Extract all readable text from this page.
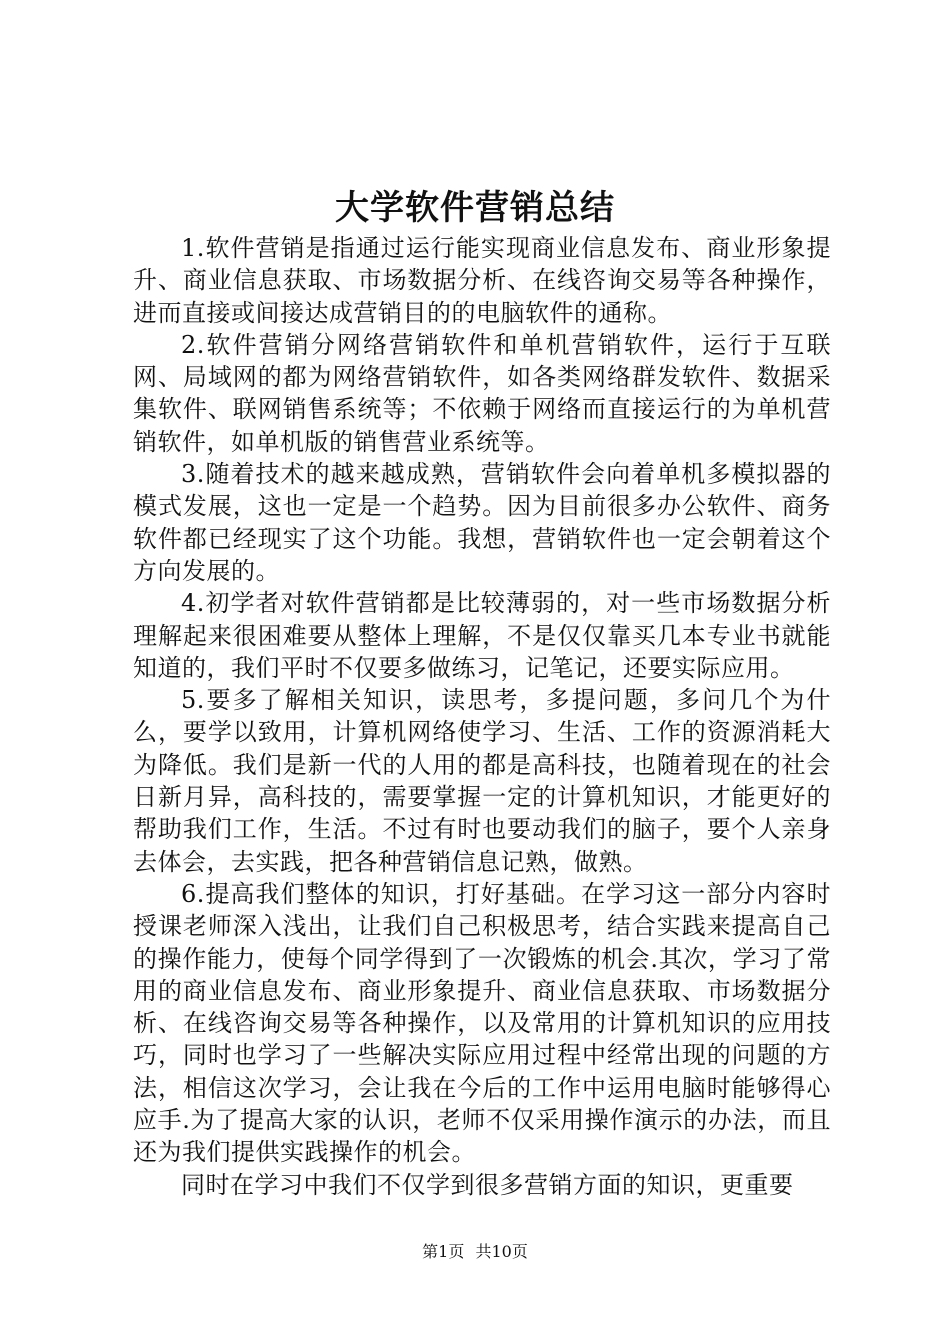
大学软件营销总结

1.软件营销是指通过运行能实现商业信息发布、商业形象提升、商业信息获取、市场数据分析、在线咨询交易等各种操作，进而直接或间接达成营销目的的电脑软件的通称。

2.软件营销分网络营销软件和单机营销软件，运行于互联网、局域网的都为网络营销软件，如各类网络群发软件、数据采集软件、联网销售系统等；不依赖于网络而直接运行的为单机营销软件，如单机版的销售营业系统等。

3.随着技术的越来越成熟，营销软件会向着单机多模拟器的模式发展，这也一定是一个趋势。因为目前很多办公软件、商务软件都已经现实了这个功能。我想，营销软件也一定会朝着这个方向发展的。

4.初学者对软件营销都是比较薄弱的，对一些市场数据分析理解起来很困难要从整体上理解，不是仅仅靠买几本专业书就能知道的，我们平时不仅要多做练习，记笔记，还要实际应用。

5.要多了解相关知识，读思考，多提问题，多问几个为什么，要学以致用，计算机网络使学习、生活、工作的资源消耗大为降低。我们是新一代的人用的都是高科技，也随着现在的社会日新月异，高科技的，需要掌握一定的计算机知识，才能更好的帮助我们工作，生活。不过有时也要动我们的脑子，要个人亲身去体会，去实践，把各种营销信息记熟，做熟。

6.提高我们整体的知识，打好基础。在学习这一部分内容时授课老师深入浅出，让我们自己积极思考，结合实践来提高自己的操作能力，使每个同学得到了一次锻炼的机会.其次，学习了常用的商业信息发布、商业形象提升、商业信息获取、市场数据分析、在线咨询交易等各种操作，以及常用的计算机知识的应用技巧，同时也学习了一些解决实际应用过程中经常出现的问题的方法，相信这次学习，会让我在今后的工作中运用电脑时能够得心应手.为了提高大家的认识，老师不仅采用操作演示的办法，而且还为我们提供实践操作的机会。

同时在学习中我们不仅学到很多营销方面的知识，更重要

第1页 共10页
